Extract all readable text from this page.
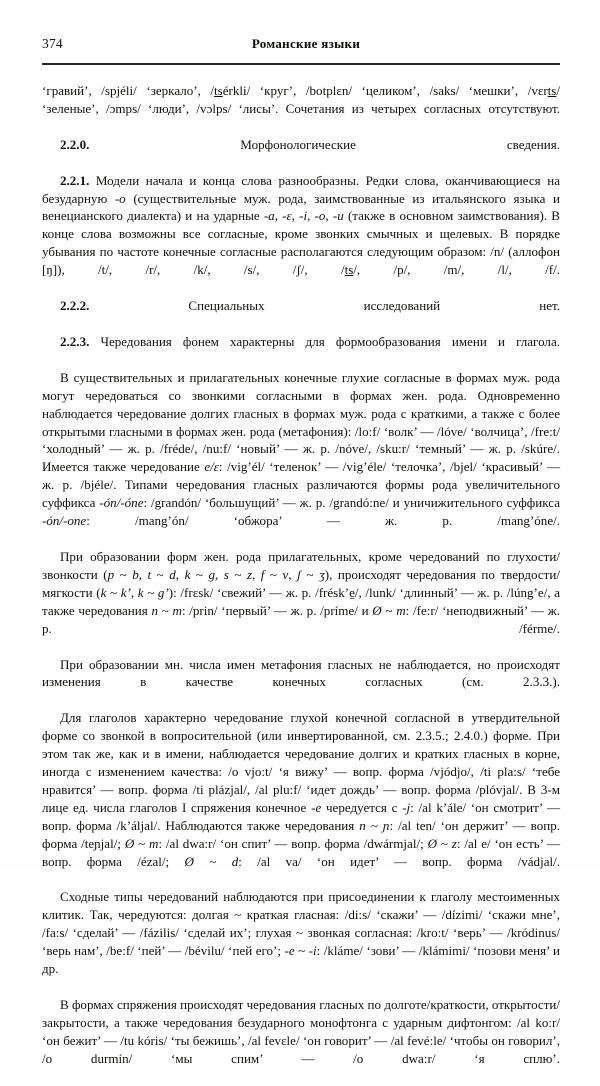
374	Романские языки

‘гравий’, /spjéli/ ‘зеркало’, /tsérkli/ ‘круг’, /botplɛn/ ‘целиком’, /saks/ ‘мешки’, /vɛrts/ ‘зеленые’, /ɔmps/ ‘люди’, /vɔlps/ ‘лисы’. Сочетания из четырех согласных отсутствуют.

2.2.0. Морфонологические сведения.

2.2.1. Модели начала и конца слова разнообразны. Редки слова, оканчивающиеся на безударную -o (существительные муж. рода, заимствованные из итальянского языка и венецианского диалекта) и на ударные -a, -ɛ, -i, -o, -u (также в основном заимствования). В конце слова возможны все согласные, кроме звонких смычных и щелевых. В порядке убывания по частоте конечные согласные располагаются следующим образом: /n/ (аллофон [ŋ]), /t/, /r/, /k/, /s/, /ʃ/, /ts/, /p/, /m/, /l/, /f/.

2.2.2. Специальных исследований нет.

2.2.3. Чередования фонем характерны для формообразования имени и глагола.

В существительных и прилагательных конечные глухие согласные в формах муж. рода могут чередоваться со звонкими согласными в формах жен. рода. Одновременно наблюдается чередование долгих гласных в формах муж. рода с краткими, а также с более открытыми гласными в формах жен. рода (метафония): /lo:f/ ‘волк’ — /lóve/ ‘волчица’, /fre:t/ ‘холодный’ — ж. р. /fréde/, /nu:f/ ‘новый’ — ж. р. /nóve/, /sku:r/ ‘темный’ — ж. р. /skúre/. Имеется также чередование e/ɛ: /vig’él/ ‘теленок’ — /vig’éle/ ‘телочка’, /bjel/ ‘красивый’ — ж. р. /bjéle/. Типами чередования гласных различаются формы рода увеличительного суффикса -ón/-óne: /grandón/ ‘большущий’ — ж. р. /grandó:ne/ и уничижительного суффикса -ón/-one: /mang’ón/ ‘обжора’ — ж. р. /mang’óne/.

При образовании форм жен. рода прилагательных, кроме чередований по глухости/звонкости (p ~ b, t ~ d, k ~ g, s ~ z, f ~ v, ʃ ~ ʒ), происходят чередования по твердости/мягкости (k ~ k’, k ~ g’): /frɛsk/ ‘свежий’ — ж. р. /frésk’e̱/, /lunk/ ‘длинный’ — ж. р. /lúng’e/, а также чередования n ~ m: /prin/ ‘первый’ — ж. р. /príme/ и Ø ~ m: /fe:r/ ‘неподвижный’ — ж. р. /férme/.

При образовании мн. числа имен метафония гласных не наблюдается, но происходят изменения в качестве конечных согласных (см. 2.3.3.).

Для глаголов характерно чередование глухой конечной согласной в утвердительной форме со звонкой в вопросительной (или инвертированной, см. 2.3.5.; 2.4.0.) форме. При этом так же, как и в имени, наблюдается чередование долгих и кратких гласных в корне, иногда с изменением качества: /o vjo:t/ ‘я вижу’ — вопр. форма /vjódjo/, /ti pla:s/ ‘тебе нравится’ — вопр. форма /ti plázjal/, /al plu:f/ ‘идет дождь’ — вопр. форма /plóvjal/. В 3-м лице ед. числа глаголов I спряжения конечное -e чередуется с -j: /al k’ále/ ‘он смотрит’ — вопр. форма /k’áljal/. Наблюдаются также чередования n ~ ɲ: /al ten/ ‘он держит’ — вопр. форма /teɲjal/; Ø ~ m: /al dwa:r/ ‘он спит’ — вопр. форма /dwármjal/; Ø ~ z: /al e/ ‘он есть’ — вопр. форма /ézal/; Ø ~ d: /al va/ ‘он идет’ — вопр. форма /vádjal/.

Сходные типы чередований наблюдаются при присоединении к глаголу местоименных клитик. Так, чередуются: долгая ~ краткая гласная: /di:s/ ‘скажи’ — /dízimi/ ‘скажи мне’, /fa:s/ ‘сделай’ — /fázilis/ ‘сделай их’; глухая ~ звонкая согласная: /kro:t/ ‘верь’ — /kródinus/ ‘верь нам’, /be:f/ ‘пей’ — /bévilu/ ‘пей его’; -e ~ -i: /kláme/ ‘зови’ — /klámimi/ ‘позови меня’ и др.

В формах спряжения происходят чередования гласных по долготе/краткости, открытости/закрытости, а также чередования безударного монофтонга с ударным дифтонгом: /al ko:r/ ‘он бежит’ — /tu kóris/ ‘ты бежишь’, /al fevɛle/ ‘он говорит’ — /al fevé:le/ ‘чтобы он говорил’, /o durmín/ ‘мы спим’ — /o dwa:r/ ‘я сплю’.
